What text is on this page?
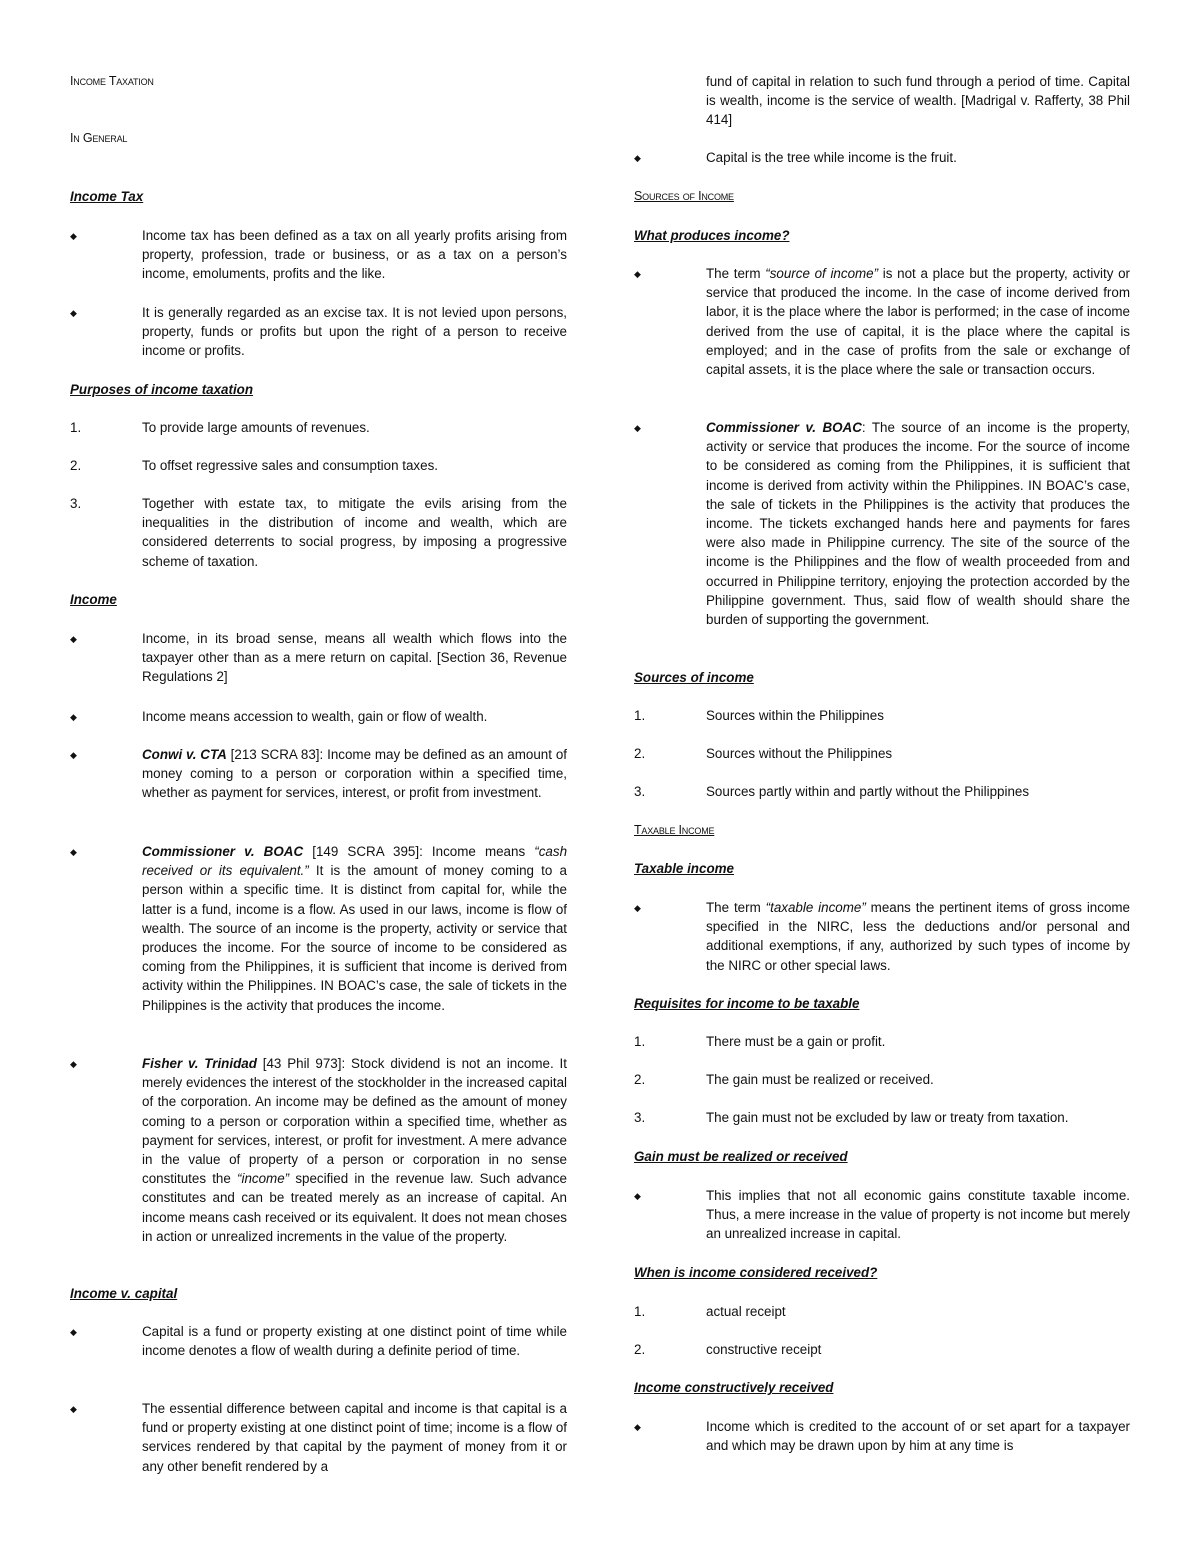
Income Taxation
In General
Income Tax
◆	Income tax has been defined as a tax on all yearly profits arising from property, profession, trade or business, or as a tax on a person’s income, emoluments, profits and the like.
◆	It is generally regarded as an excise tax. It is not levied upon persons, property, funds or profits but upon the right of a person to receive income or profits.
Purposes of income taxation
1.	To provide large amounts of revenues.
2.	To offset regressive sales and consumption taxes.
3.	Together with estate tax, to mitigate the evils arising from the inequalities in the distribution of income and wealth, which are considered deterrents to social progress, by imposing a progressive scheme of taxation.
Income
◆	Income, in its broad sense, means all wealth which flows into the taxpayer other than as a mere return on capital. [Section 36, Revenue Regulations 2]
◆	Income means accession to wealth, gain or flow of wealth.
◆	Conwi v. CTA [213 SCRA 83]: Income may be defined as an amount of money coming to a person or corporation within a specified time, whether as payment for services, interest, or profit from investment.
◆	Commissioner v. BOAC [149 SCRA 395]: Income means “cash received or its equivalent.” It is the amount of money coming to a person within a specific time. It is distinct from capital for, while the latter is a fund, income is a flow. As used in our laws, income is flow of wealth. The source of an income is the property, activity or service that produces the income. For the source of income to be considered as coming from the Philippines, it is sufficient that income is derived from activity within the Philippines. IN BOAC’s case, the sale of tickets in the Philippines is the activity that produces the income.
◆	Fisher v. Trinidad [43 Phil 973]: Stock dividend is not an income. It merely evidences the interest of the stockholder in the increased capital of the corporation. An income may be defined as the amount of money coming to a person or corporation within a specified time, whether as payment for services, interest, or profit for investment. A mere advance in the value of property of a person or corporation in no sense constitutes the “income” specified in the revenue law. Such advance constitutes and can be treated merely as an increase of capital. An income means cash received or its equivalent. It does not mean choses in action or unrealized increments in the value of the property.
Income v. capital
◆	Capital is a fund or property existing at one distinct point of time while income denotes a flow of wealth during a definite period of time.
◆	The essential difference between capital and income is that capital is a fund or property existing at one distinct point of time; income is a flow of services rendered by that capital by the payment of money from it or any other benefit rendered by a
fund of capital in relation to such fund through a period of time. Capital is wealth, income is the service of wealth. [Madrigal v. Rafferty, 38 Phil 414]
◆	Capital is the tree while income is the fruit.
Sources of Income
What produces income?
◆	The term “source of income” is not a place but the property, activity or service that produced the income. In the case of income derived from labor, it is the place where the labor is performed; in the case of income derived from the use of capital, it is the place where the capital is employed; and in the case of profits from the sale or exchange of capital assets, it is the place where the sale or transaction occurs.
◆	Commissioner v. BOAC: The source of an income is the property, activity or service that produces the income. For the source of income to be considered as coming from the Philippines, it is sufficient that income is derived from activity within the Philippines. IN BOAC’s case, the sale of tickets in the Philippines is the activity that produces the income. The tickets exchanged hands here and payments for fares were also made in Philippine currency. The site of the source of the income is the Philippines and the flow of wealth proceeded from and occurred in Philippine territory, enjoying the protection accorded by the Philippine government. Thus, said flow of wealth should share the burden of supporting the government.
Sources of income
1.	Sources within the Philippines
2.	Sources without the Philippines
3.	Sources partly within and partly without the Philippines
Taxable Income
Taxable income
◆	The term “taxable income” means the pertinent items of gross income specified in the NIRC, less the deductions and/or personal and additional exemptions, if any, authorized by such types of income by the NIRC or other special laws.
Requisites for income to be taxable
1.	There must be a gain or profit.
2.	The gain must be realized or received.
3.	The gain must not be excluded by law or treaty from taxation.
Gain must be realized or received
◆	This implies that not all economic gains constitute taxable income. Thus, a mere increase in the value of property is not income but merely an unrealized increase in capital.
When is income considered received?
1.	actual receipt
2.	constructive receipt
Income constructively received
◆	Income which is credited to the account of or set apart for a taxpayer and which may be drawn upon by him at any time is
